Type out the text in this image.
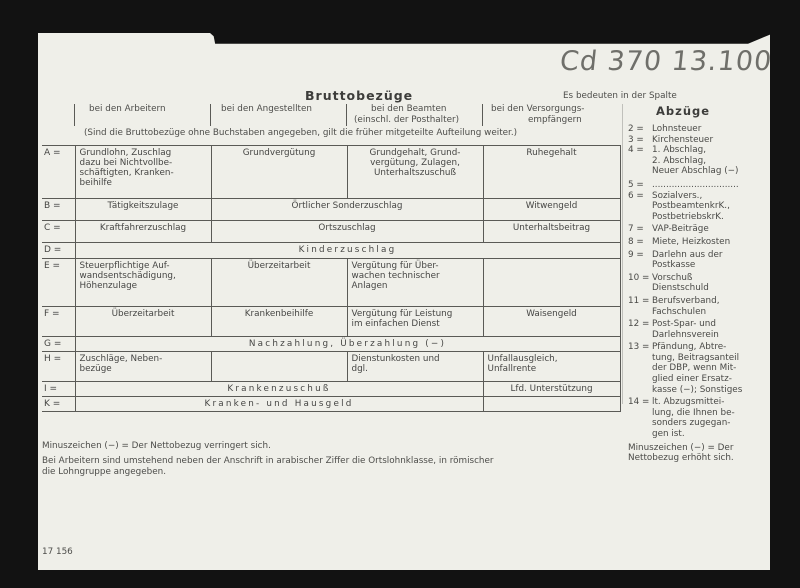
Cd 370 13.100
Bruttobezüge	Es bedeuten in der Spalte
bei den Arbeitern	bei den Angestellten	bei den Beamten
(einschl. der Posthalter)
bei den Versorgungs-
empfängern
(Sind die Bruttobezüge ohne Buchstaben angegeben, gilt die früher mitgeteilte Aufteilung weiter.)
A =	Grundlohn, Zuschlag
dazu bei Nichtvollbe-
schäftigten, Kranken-
beihilfe	Grundvergütung	Grundgehalt, Grund-
vergütung, Zulagen,
Unterhaltszuschuß	Ruhegehalt
B =	Tätigkeitszulage	Örtlicher Sonderzuschlag		Witwengeld
C =	Kraftfahrerzuschlag	Ortszuschlag		Unterhaltsbeitrag
D =	Kinderzuschlag			
E =	Steuerpflichtige Auf-
wandsentschädigung,
Höhenzulage	Überzeitarbeit	Vergütung für Über-
wachen technischer
Anlagen	
F =	Überzeitarbeit	Krankenbeihilfe	Vergütung für Leistung
im einfachen Dienst	Waisengeld
G =	Nachzahlung, Überzahlung (−)			
H =	Zuschläge, Neben-
bezüge		Dienstunkosten und
dgl.	Unfallausgleich,
Unfallrente
I =	Krankenzuschuß			Lfd. Unterstützung
K =	Kranken- und Hausgeld			
Minuszeichen (−) = Der Nettobezug verringert sich.
Bei Arbeitern sind umstehend neben der Anschrift in arabischer Ziffer die Ortslohnklasse, in römischer
die Lohngruppe angegeben.
17 156
Abzüge
2 = Lohnsteuer
3 = Kirchensteuer
4 = 1. Abschlag,
2. Abschlag,
Neuer Abschlag (−)
5 = ...............................
6 = Sozialvers.,
PostbeamtenkrK.,
PostbetriebskrK.
7 = VAP-Beiträge
8 = Miete, Heizkosten
9 = Darlehn aus der
Postkasse
10 = Vorschuß
Dienstschuld
11 = Berufsverband,
Fachschulen
12 = Post-Spar- und
Darlehnsverein
13 = Pfändung, Abtre-
tung, Beitragsanteil
der DBP, wenn Mit-
glied einer Ersatz-
kasse (−); Sonstiges
14 = lt. Abzugsmittei-
lung, die Ihnen be-
sonders zugegan-
gen ist.
Minuszeichen (−) = Der
Nettobezug erhöht sich.
